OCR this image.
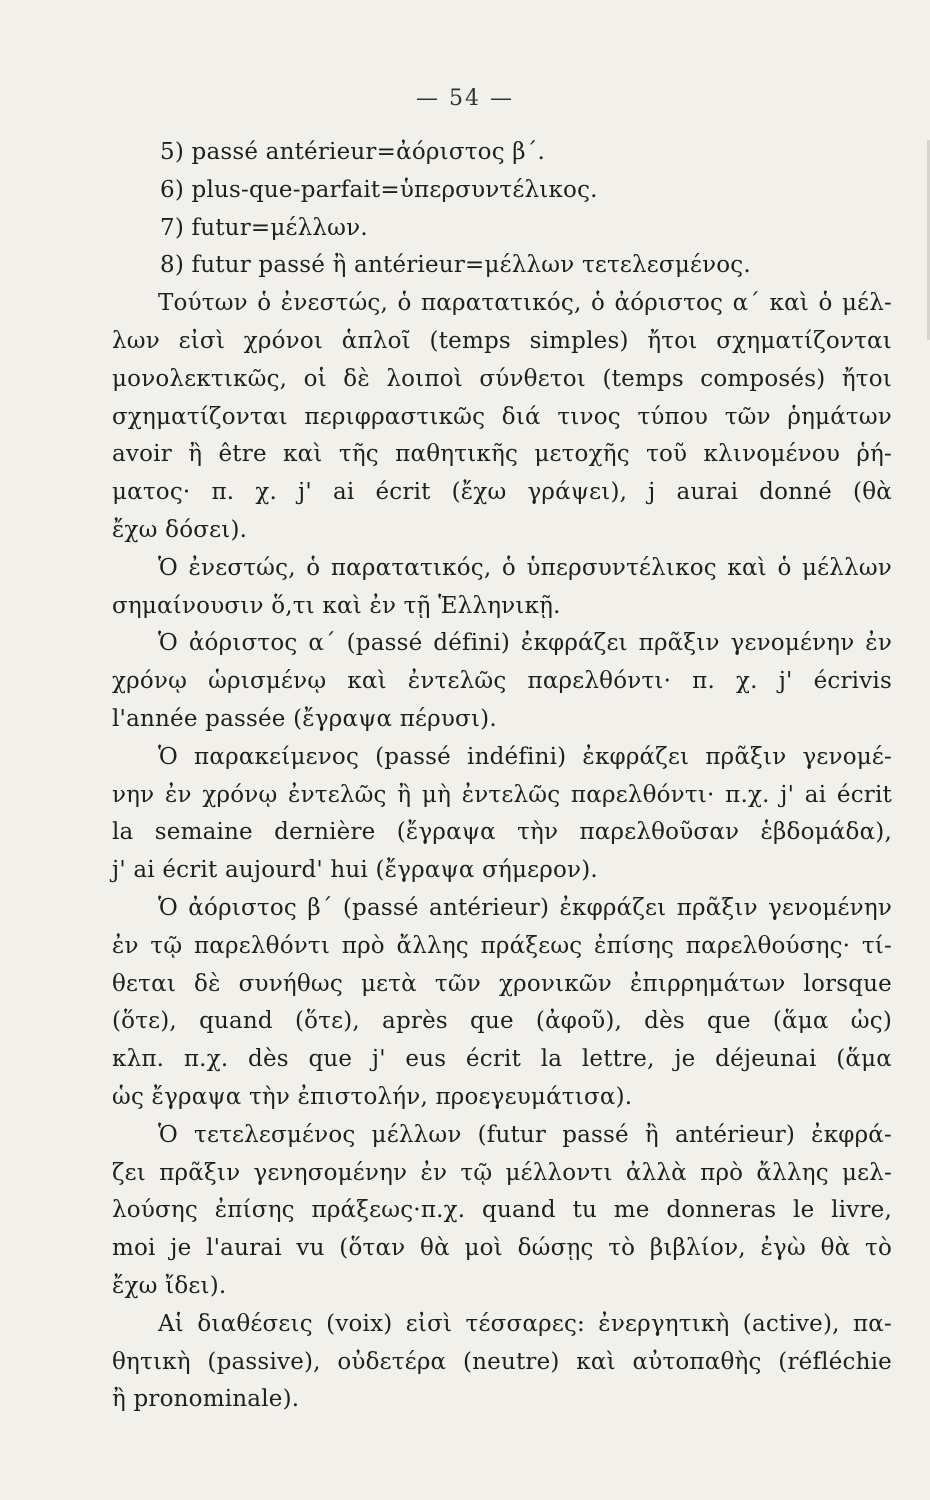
— 54 —
5) passé antérieur=ἀόριστος β΄.
6) plus-que-parfait=ὑπερσυντέλικος.
7) futur=μέλλων.
8) futur passé ἢ antérieur=μέλλων τετελεσμένος.
Τούτων ὁ ἐνεστώς, ὁ παρατατικός, ὁ ἀόριστος α΄ καὶ ὁ μέλ-
λων εἰσὶ χρόνοι ἁπλοῖ (temps simples) ἤτοι σχηματίζονται
μονολεκτικῶς, οἱ δὲ λοιποὶ σύνθετοι (temps composés) ἤτοι
σχηματίζονται περιφραστικῶς διά τινος τύπου τῶν ῥημάτων
avoir ἢ être καὶ τῆς παθητικῆς μετοχῆς τοῦ κλινομένου ῥή-
ματος· π. χ. j' ai écrit (ἔχω γράψει), j aurai donné (θὰ
ἔχω δόσει).
Ὁ ἐνεστώς, ὁ παρατατικός, ὁ ὑπερσυντέλικος καὶ ὁ μέλλων
σημαίνουσιν ὅ,τι καὶ ἐν τῇ Ἑλληνικῇ.
Ὁ ἀόριστος α΄ (passé défini) ἐκφράζει πρᾶξιν γενομένην ἐν
χρόνῳ ὡρισμένῳ καὶ ἐντελῶς παρελθόντι· π. χ. j' écrivis
l'année passée (ἔγραψα πέρυσι).
Ὁ παρακείμενος (passé indéfini) ἐκφράζει πρᾶξιν γενομέ-
νην ἐν χρόνῳ ἐντελῶς ἢ μὴ ἐντελῶς παρελθόντι· π.χ. j' ai écrit
la semaine dernière (ἔγραψα τὴν παρελθοῦσαν ἑβδομάδα),
j' ai écrit aujourd' hui (ἔγραψα σήμερον).
Ὁ ἀόριστος β΄ (passé antérieur) ἐκφράζει πρᾶξιν γενομένην
ἐν τῷ παρελθόντι πρὸ ἄλλης πράξεως ἐπίσης παρελθούσης· τί-
θεται δὲ συνήθως μετὰ τῶν χρονικῶν ἐπιρρημάτων lorsque
(ὅτε), quand (ὅτε), après que (ἀφοῦ), dès que (ἅμα ὡς)
κλπ. π.χ. dès que j' eus écrit la lettre, je déjeunai (ἅμα
ὡς ἔγραψα τὴν ἐπιστολήν, προεγευμάτισα).
Ὁ τετελεσμένος μέλλων (futur passé ἢ antérieur) ἐκφρά-
ζει πρᾶξιν γενησομένην ἐν τῷ μέλλοντι ἀλλὰ πρὸ ἄλλης μελ-
λούσης ἐπίσης πράξεως·π.χ. quand tu me donneras le livre,
moi je l'aurai vu (ὅταν θὰ μοὶ δώσῃς τὸ βιβλίον, ἐγὼ θὰ τὸ
ἔχω ἴδει).
Αἱ διαθέσεις (voix) εἰσὶ τέσσαρες: ἐνεργητικὴ (active), πα-
θητικὴ (passive), οὐδετέρα (neutre) καὶ αὐτοπαθὴς (réfléchie
ἢ pronominale).
